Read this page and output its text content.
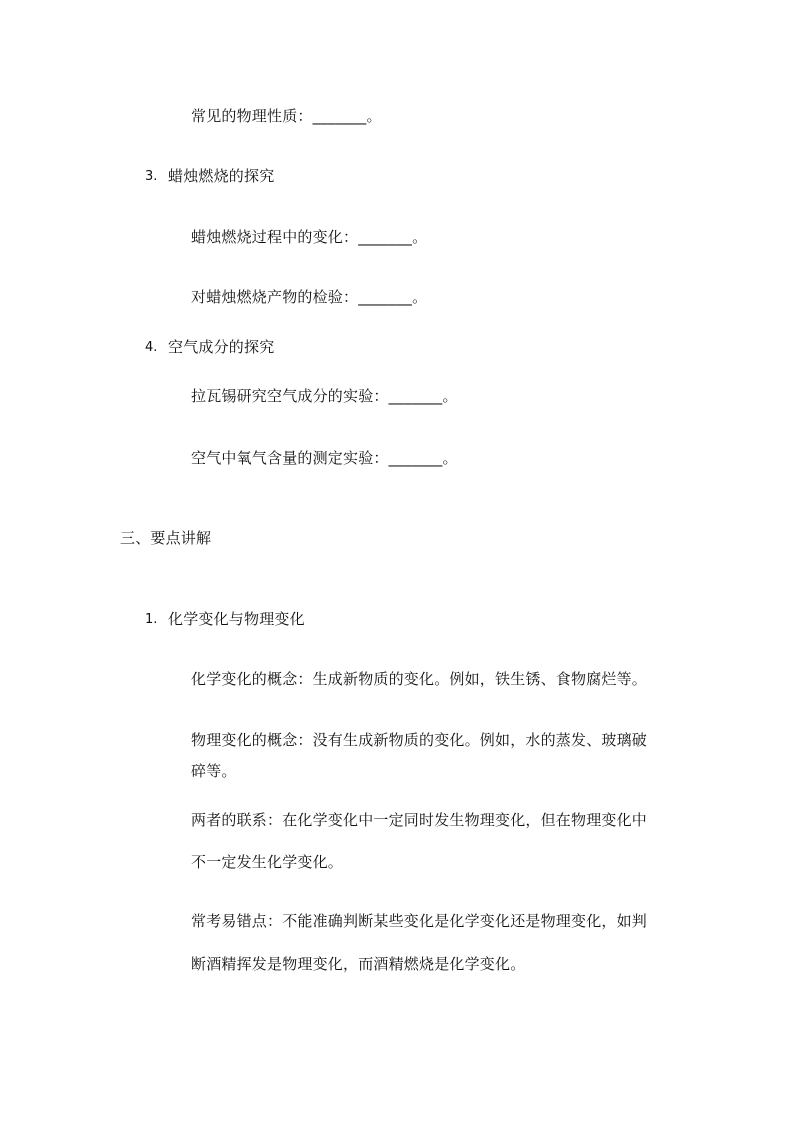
常见的物理性质：_______。
3. 蜡烛燃烧的探究
蜡烛燃烧过程中的变化：_______。
对蜡烛燃烧产物的检验：_______。
4. 空气成分的探究
拉瓦锡研究空气成分的实验：_______。
空气中氧气含量的测定实验：_______。
三、要点讲解
1. 化学变化与物理变化
化学变化的概念：生成新物质的变化。例如，铁生锈、食物腐烂等。
物理变化的概念：没有生成新物质的变化。例如，水的蒸发、玻璃破
碎等。
两者的联系：在化学变化中一定同时发生物理变化，但在物理变化中
不一定发生化学变化。
常考易错点：不能准确判断某些变化是化学变化还是物理变化，如判
断酒精挥发是物理变化，而酒精燃烧是化学变化。
